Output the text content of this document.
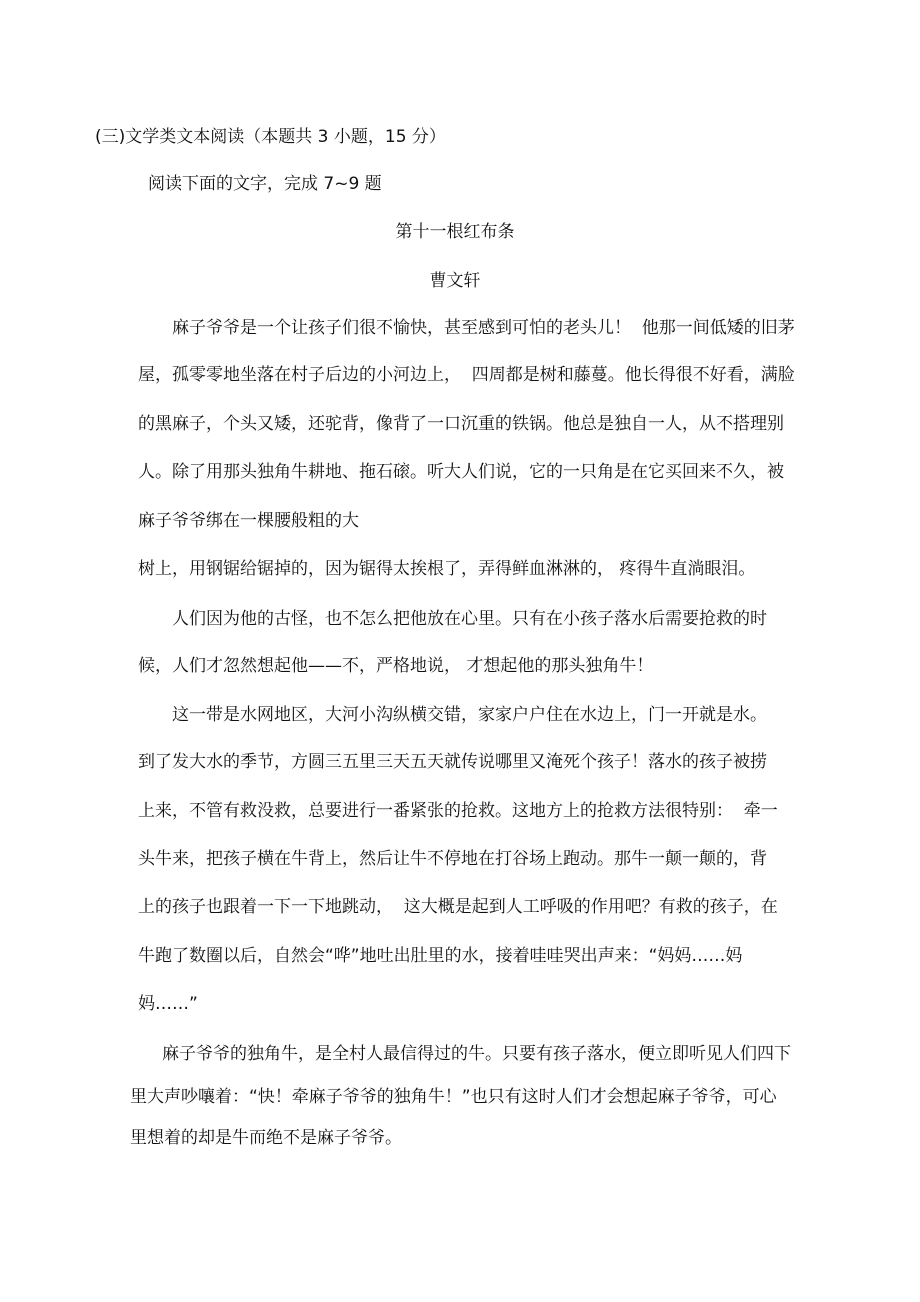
(三)文学类文本阅读（本题共 3 小题，15 分）
阅读下面的文字，完成 7~9 题
第十一根红布条
曹文轩
麻子爷爷是一个让孩子们很不愉快，甚至感到可怕的老头儿！  他那一间低矮的旧茅
屋，孤零零地坐落在村子后边的小河边上，  四周都是树和藤蔓。他长得很不好看，满脸
的黑麻子，个头又矮，还驼背，像背了一口沉重的铁锅。他总是独自一人，从不搭理别
人。除了用那头独角牛耕地、拖石磙。听大人们说，它的一只角是在它买回来不久，被
麻子爷爷绑在一棵腰般粗的大
树上，用钢锯给锯掉的，因为锯得太挨根了，弄得鲜血淋淋的， 疼得牛直淌眼泪。
人们因为他的古怪，也不怎么把他放在心里。只有在小孩子落水后需要抢救的时
候，人们才忽然想起他——不，严格地说， 才想起他的那头独角牛！
这一带是水网地区，大河小沟纵横交错，家家户户住在水边上，门一开就是水。
到了发大水的季节，方圆三五里三天五天就传说哪里又淹死个孩子！落水的孩子被捞
上来，不管有救没救，总要进行一番紧张的抢救。这地方上的抢救方法很特别：  牵一
头牛来，把孩子横在牛背上，然后让牛不停地在打谷场上跑动。那牛一颠一颠的，背
上的孩子也跟着一下一下地跳动，  这大概是起到人工呼吸的作用吧？有救的孩子，在
牛跑了数圈以后，自然会“哗”地吐出肚里的水，接着哇哇哭出声来：“妈妈……妈
妈……”
麻子爷爷的独角牛，是全村人最信得过的牛。只要有孩子落水，便立即听见人们四下
里大声吵嚷着：“快！牵麻子爷爷的独角牛！”也只有这时人们才会想起麻子爷爷，可心
里想着的却是牛而绝不是麻子爷爷。
